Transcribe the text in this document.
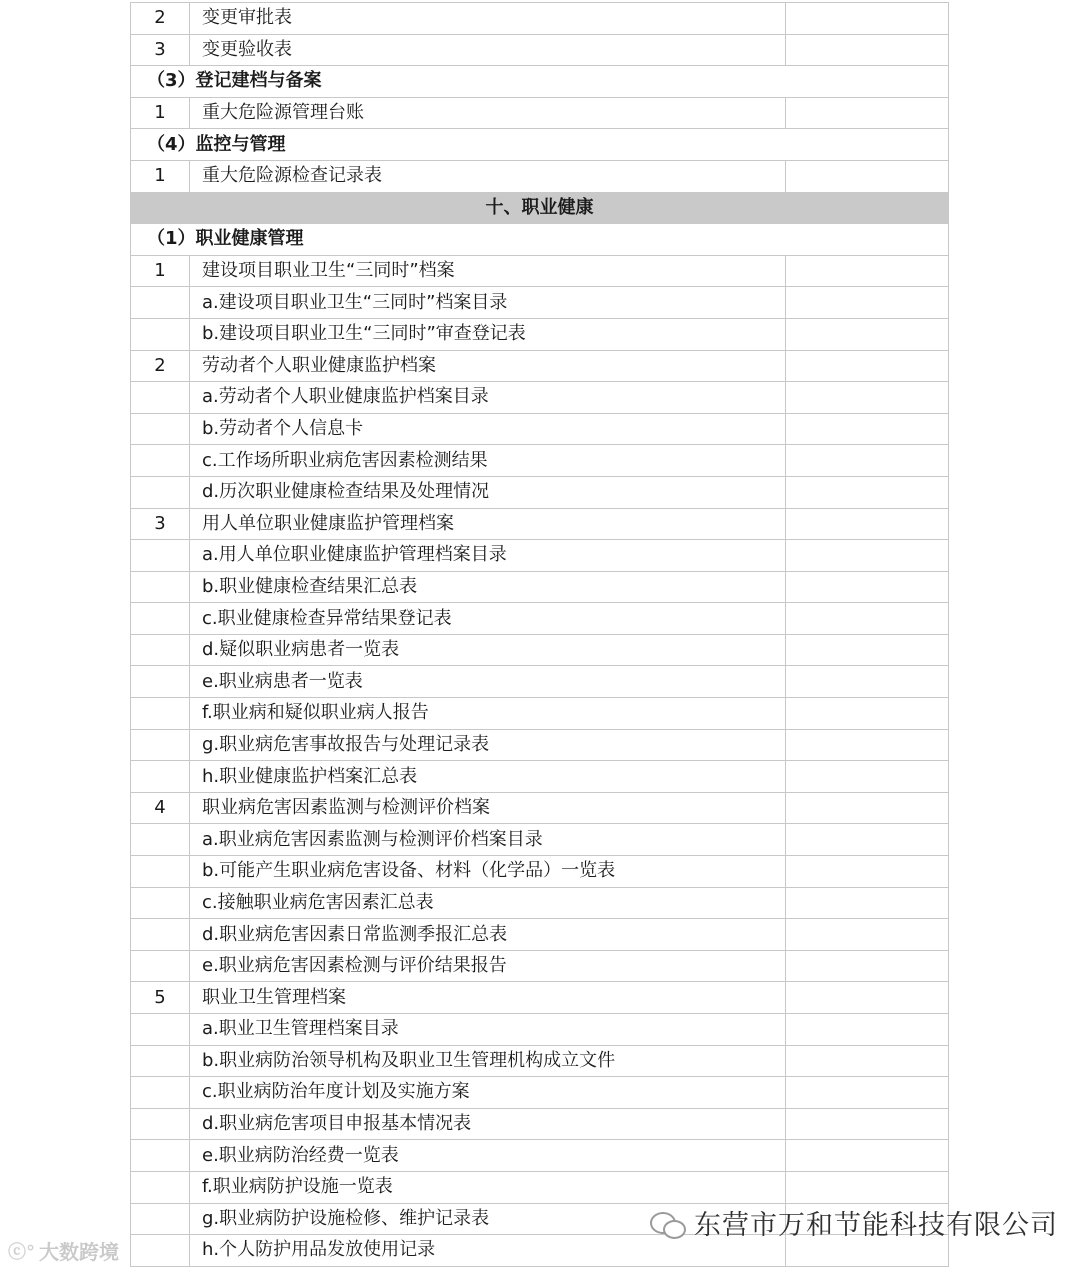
2	变更审批表	
3	变更验收表	
（3）登记建档与备案		
1	重大危险源管理台账	
（4）监控与管理		
1	重大危险源检查记录表	
十、职业健康		
（1）职业健康管理		
1	建设项目职业卫生“三同时”档案	
	a.建设项目职业卫生“三同时”档案目录	
	b.建设项目职业卫生“三同时”审查登记表	
2	劳动者个人职业健康监护档案	
	a.劳动者个人职业健康监护档案目录	
	b.劳动者个人信息卡	
	c.工作场所职业病危害因素检测结果	
	d.历次职业健康检查结果及处理情况	
3	用人单位职业健康监护管理档案	
	a.用人单位职业健康监护管理档案目录	
	b.职业健康检查结果汇总表	
	c.职业健康检查异常结果登记表	
	d.疑似职业病患者一览表	
	e.职业病患者一览表	
	f.职业病和疑似职业病人报告	
	g.职业病危害事故报告与处理记录表	
	h.职业健康监护档案汇总表	
4	职业病危害因素监测与检测评价档案	
	a.职业病危害因素监测与检测评价档案目录	
	b.可能产生职业病危害设备、材料（化学品）一览表	
	c.接触职业病危害因素汇总表	
	d.职业病危害因素日常监测季报汇总表	
	e.职业病危害因素检测与评价结果报告	
5	职业卫生管理档案	
	a.职业卫生管理档案目录	
	b.职业病防治领导机构及职业卫生管理机构成立文件	
	c.职业病防治年度计划及实施方案	
	d.职业病危害项目申报基本情况表	
	e.职业病防治经费一览表	
	f.职业病防护设施一览表	
	g.职业病防护设施检修、维护记录表	
	h.个人防护用品发放使用记录	
ⓒ° 大数跨境
东营市万和节能科技有限公司
